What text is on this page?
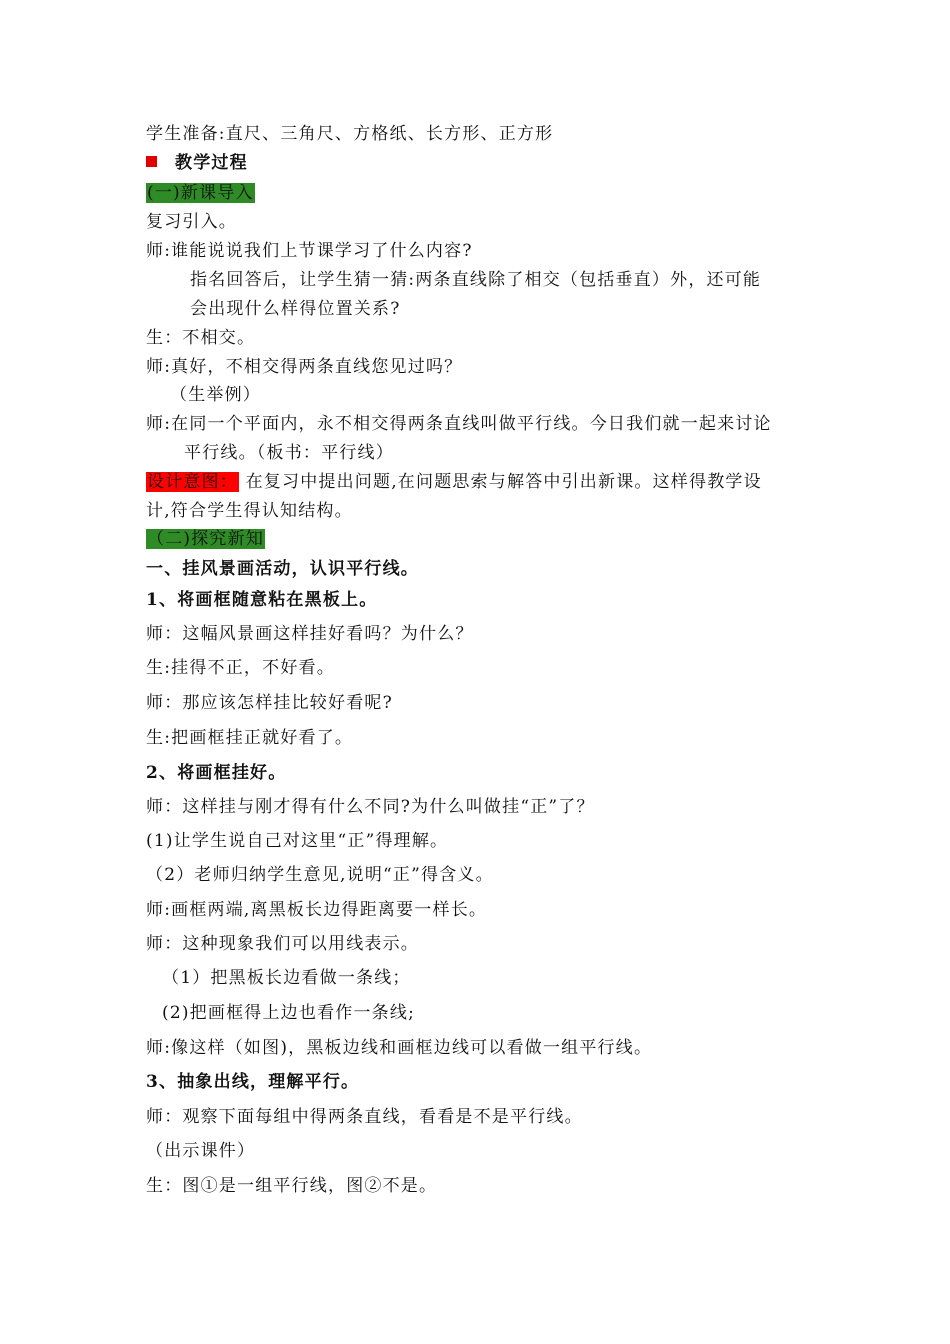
学生准备:直尺、三角尺、方格纸、长方形、正方形
教学过程
(一)新课导入
复习引入。
师:谁能说说我们上节课学习了什么内容?
指名回答后，让学生猜一猜:两条直线除了相交（包括垂直）外，还可能
会出现什么样得位置关系?
生：不相交。
师:真好，不相交得两条直线您见过吗？
（生举例）
师:在同一个平面内，永不相交得两条直线叫做平行线。今日我们就一起来讨论
平行线。（板书：平行线）
设计意图： 在复习中提出问题,在问题思索与解答中引出新课。这样得教学设
计,符合学生得认知结构。
（二)探究新知
一、挂风景画活动，认识平行线。
1、将画框随意粘在黑板上。
师：这幅风景画这样挂好看吗？为什么？
生:挂得不正，不好看。
师：那应该怎样挂比较好看呢?
生:把画框挂正就好看了。
2、将画框挂好。
师：这样挂与刚才得有什么不同?为什么叫做挂“正”了？
(1)让学生说自己对这里“正”得理解。
（2）老师归纳学生意见,说明“正”得含义。
师:画框两端,离黑板长边得距离要一样长。
师：这种现象我们可以用线表示。
（1）把黑板长边看做一条线；
(2)把画框得上边也看作一条线;
师:像这样（如图)，黑板边线和画框边线可以看做一组平行线。
3、抽象出线，理解平行。
师：观察下面每组中得两条直线，看看是不是平行线。
（出示课件）
生：图①是一组平行线，图②不是。
